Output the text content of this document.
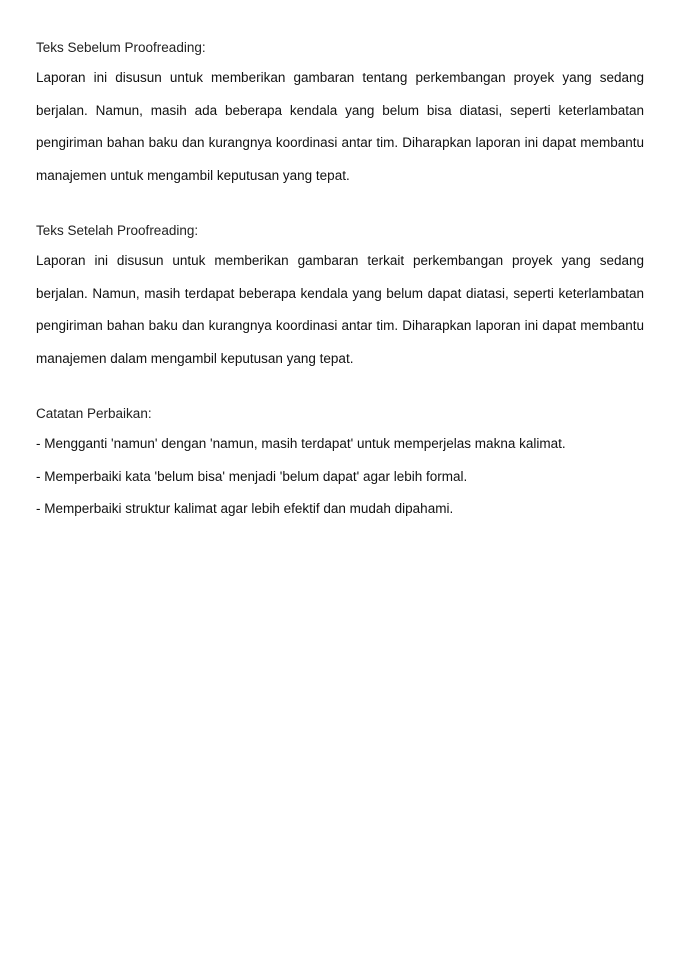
Teks Sebelum Proofreading:

Laporan ini disusun untuk memberikan gambaran tentang perkembangan proyek yang sedang berjalan. Namun, masih ada beberapa kendala yang belum bisa diatasi, seperti keterlambatan pengiriman bahan baku dan kurangnya koordinasi antar tim. Diharapkan laporan ini dapat membantu manajemen untuk mengambil keputusan yang tepat.

Teks Setelah Proofreading:

Laporan ini disusun untuk memberikan gambaran terkait perkembangan proyek yang sedang berjalan. Namun, masih terdapat beberapa kendala yang belum dapat diatasi, seperti keterlambatan pengiriman bahan baku dan kurangnya koordinasi antar tim. Diharapkan laporan ini dapat membantu manajemen dalam mengambil keputusan yang tepat.

Catatan Perbaikan:

- Mengganti 'namun' dengan 'namun, masih terdapat' untuk memperjelas makna kalimat.
- Memperbaiki kata 'belum bisa' menjadi 'belum dapat' agar lebih formal.
- Memperbaiki struktur kalimat agar lebih efektif dan mudah dipahami.
